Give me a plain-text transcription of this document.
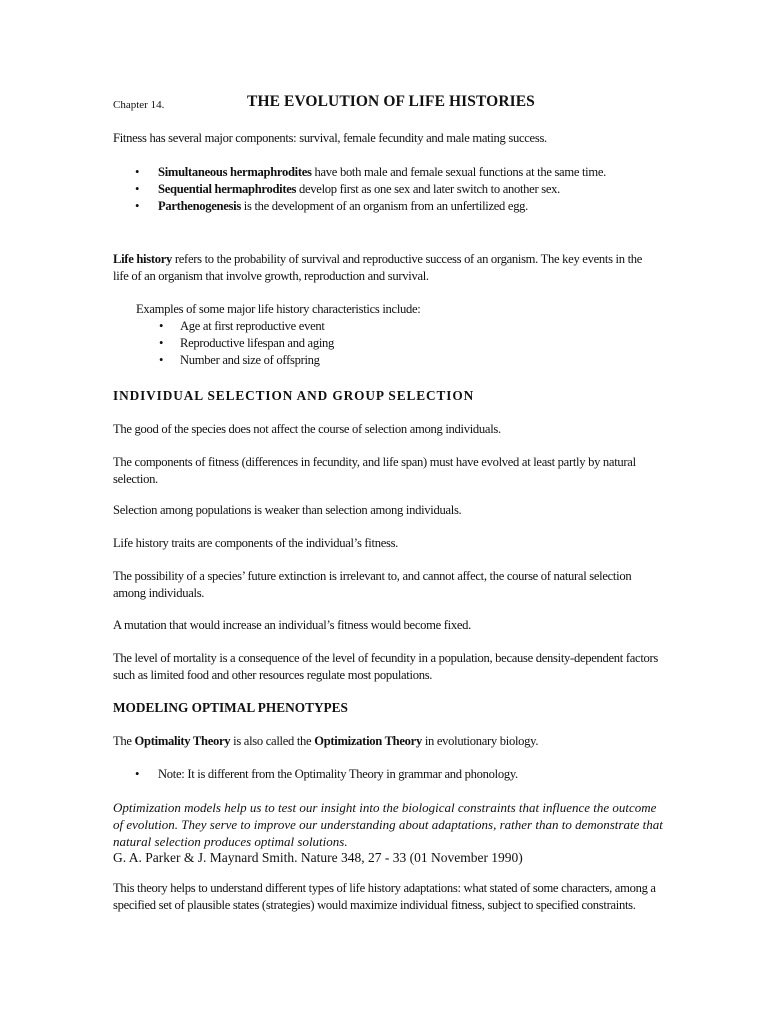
Chapter 14.	THE EVOLUTION OF LIFE HISTORIES

Fitness has several major components: survival, female fecundity and male mating success.

• Simultaneous hermaphrodites have both male and female sexual functions at the same time.
• Sequential hermaphrodites develop first as one sex and later switch to another sex.
• Parthenogenesis is the development of an organism from an unfertilized egg.

Life history refers to the probability of survival and reproductive success of an organism. The key events in the life of an organism that involve growth, reproduction and survival.

Examples of some major life history characteristics include:

• Age at first reproductive event
• Reproductive lifespan and aging
• Number and size of offspring
INDIVIDUAL SELECTION AND GROUP SELECTION

The good of the species does not affect the course of selection among individuals.

The components of fitness (differences in fecundity, and life span) must have evolved at least partly by natural selection.

Selection among populations is weaker than selection among individuals.

Life history traits are components of the individual’s fitness.

The possibility of a species’ future extinction is irrelevant to, and cannot affect, the course of natural selection among individuals.

A mutation that would increase an individual’s fitness would become fixed.

The level of mortality is a consequence of the level of fecundity in a population, because density-dependent factors such as limited food and other resources regulate most populations.

MODELING OPTIMAL PHENOTYPES

The Optimality Theory is also called the Optimization Theory in evolutionary biology.

• Note: It is different from the Optimality Theory in grammar and phonology.

Optimization models help us to test our insight into the biological constraints that influence the outcome of evolution. They serve to improve our understanding about adaptations, rather than to demonstrate that natural selection produces optimal solutions.

G. A. Parker & J. Maynard Smith. Nature 348, 27 - 33 (01 November 1990)

This theory helps to understand different types of life history adaptations: what stated of some characters, among a specified set of plausible states (strategies) would maximize individual fitness, subject to specified constraints.
